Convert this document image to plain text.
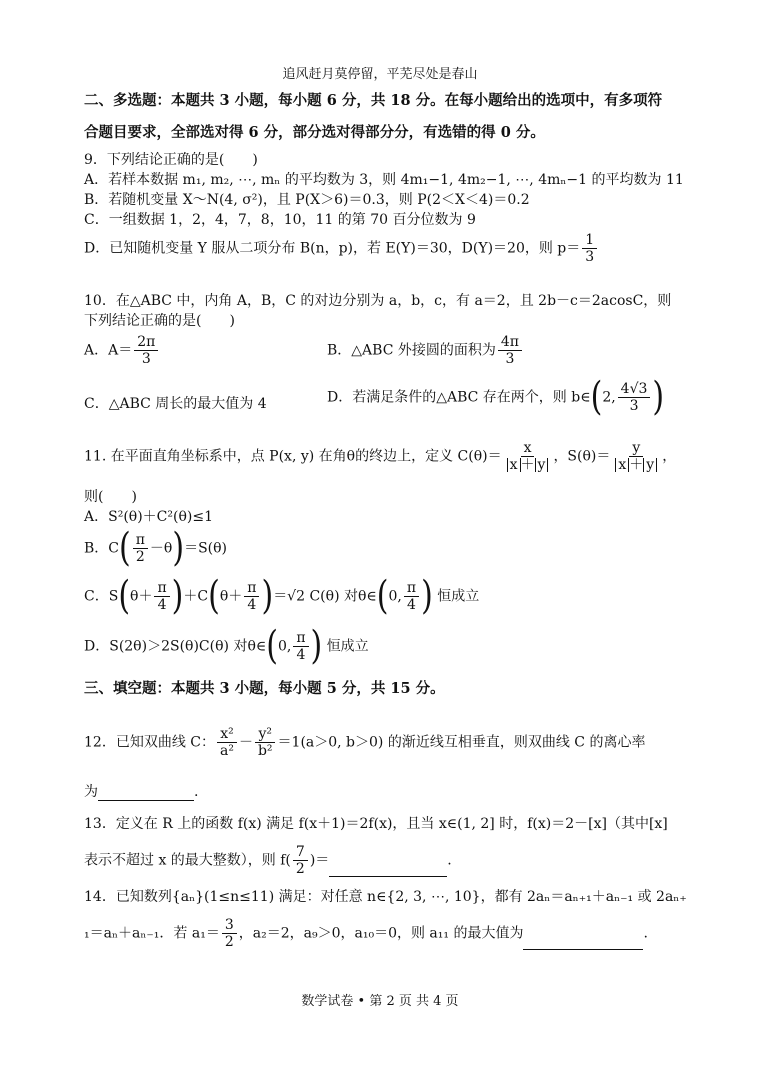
追风赶月莫停留，平芜尽处是春山
二、多选题：本题共 3 小题，每小题 6 分，共 18 分。在每小题给出的选项中，有多项符
合题目要求，全部选对得 6 分，部分选对得部分分，有选错的得 0 分。
9．下列结论正确的是(　　)
A．若样本数据 m₁, m₂, ⋯, mₙ 的平均数为 3，则 4m₁−1, 4m₂−1, ⋯, 4mₙ−1 的平均数为 11
B．若随机变量 X～N(4, σ²)，且 P(X＞6)＝0.3，则 P(2＜X＜4)＝0.2
C．一组数据 1，2，4，7，8，10，11 的第 70 百分位数为 9
D．已知随机变量 Y 服从二项分布 B(n，p)，若 E(Y)＝30，D(Y)＝20，则 $p= \frac{1}{3}$
10．在△ABC 中，内角 A，B，C 的对边分别为 a，b，c，有 a＝2，且 2b－c＝2acosC，则
下列结论正确的是(　　)
A．$A= \frac{2\pi}{3}$	B．△ABC 外接圆的面积为 $\frac{4\pi}{3}$
C．△ABC 周长的最大值为 4	D．若满足条件的△ABC 存在两个，则 b∈(2, $\frac{4√3}{3}$ )
11. 在平面直角坐标系中，点 P(x, y) 在角θ的终边上，定义 $C(\theta)= \frac{x}{x + y}$ ，$S(\theta)= \frac{y}{x + y}$ ，
则(　　)
A．S²(θ)＋C²(θ)≤1
B．$C( \frac{\pi}{2} -\theta)=S(\theta)$
C．$S(\theta+ \frac{\pi}{4} )+C(\theta+ \frac{\pi}{4} )=√2$ C(θ) 对θ∈(0, $\frac{\pi}{4}$ ) 恒成立
D．S(2θ)＞2S(θ)C(θ) 对θ∈(0, $\frac{\pi}{4}$ ) 恒成立
三、填空题：本题共 3 小题，每小题 5 分，共 15 分。
12．已知双曲线 C： $\frac{\text{x²}}{\text{a²}} - \frac{\text{y²}}{\text{b²}} =1(a>0$, b＞0) 的渐近线互相垂直，则双曲线 C 的离心率
为	.
13．定义在 R 上的函数 f(x) 满足 f(x＋1)＝2f(x)，且当 x∈(1, 2] 时，f(x)＝2－[x]（其中[x]
表示不超过 x 的最大整数），则 $f( \frac{7}{2}$ )＝	.
14．已知数列{aₙ}(1≤n≤11) 满足：对任意 n∈{2, 3, ⋯, 10}，都有 2aₙ＝aₙ₊₁＋aₙ₋₁ 或 2aₙ₊
₁＝aₙ＋aₙ₋₁．若 $a_1= \frac{3}{2}$ ，a₂＝2，a₉＞0，a₁₀＝0，则 a₁₁ 的最大值为	.
数学试卷 • 第 2 页 共 4 页
